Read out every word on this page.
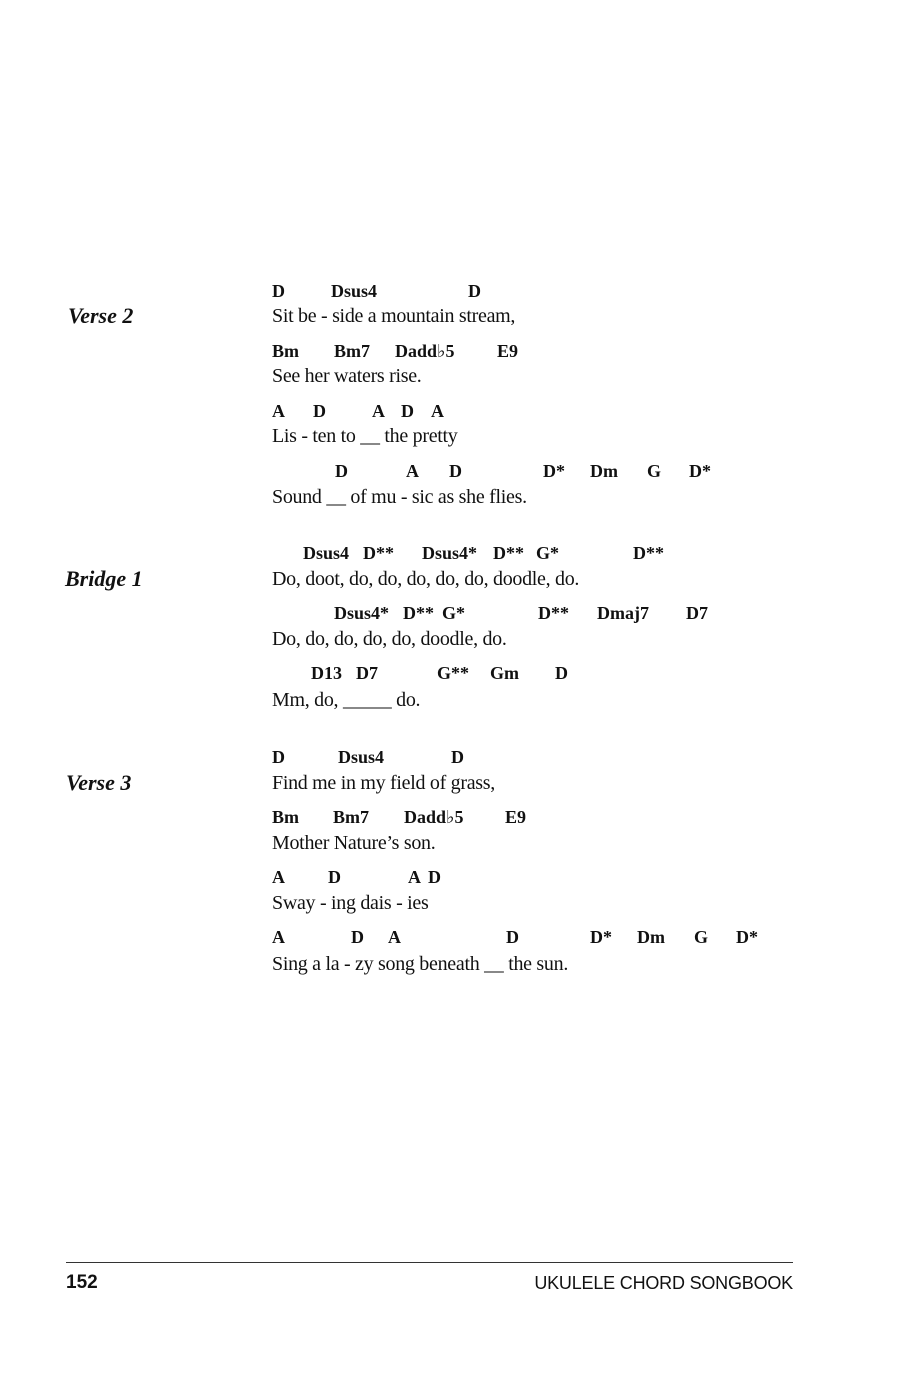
Verse 2
D	Dsus4	D
Sit be - side a mountain stream,
Bm Bm7 Dadd♭5 E9
See her waters rise.
A D	A D A
Lis - ten to __ the pretty
D	A D	D* Dm G D*
Sound __ of mu - sic as she flies.
Bridge 1
Dsus4 D** Dsus4* D** G*	D**
Do, doot, do, do, do, do, do, doodle, do.
Dsus4* D** G*	D** Dmaj7 D7
Do, do, do, do, do, doodle, do.
D13 D7	G** Gm D
Mm, do, _____ do.
Verse 3
D	Dsus4	D
Find me in my field of grass,
Bm Bm7 Dadd♭5 E9
Mother Nature’s son.
A D	A D
Sway - ing dais - ies
A	D A	D	D* Dm G D*
Sing a la - zy song beneath __ the sun.
152	UKULELE CHORD SONGBOOK
